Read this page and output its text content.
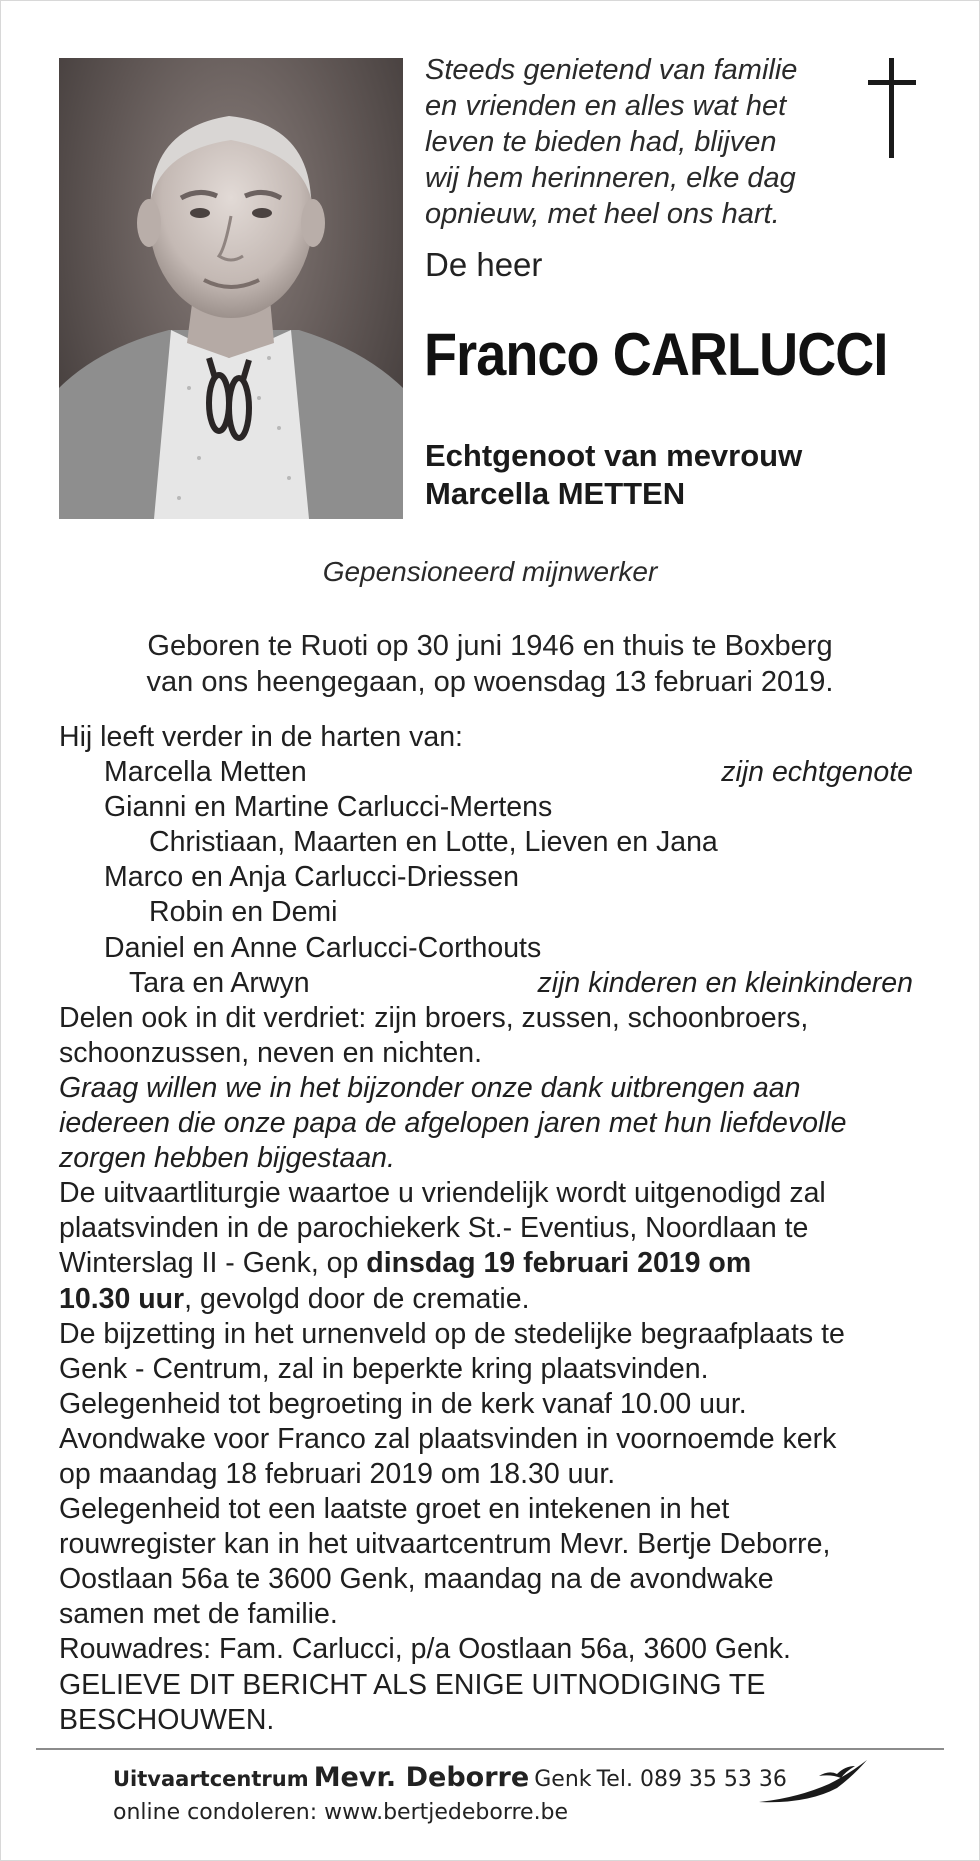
Steeds genietend van familie
en vrienden en alles wat het
leven te bieden had, blijven
wij hem herinneren, elke dag
opnieuw, met heel ons hart.
De heer
Franco CARLUCCI
Echtgenoot van mevrouw
Marcella METTEN
Gepensioneerd mijnwerker
Geboren te Ruoti op 30 juni 1946 en thuis te Boxberg
van ons heengegaan, op woensdag 13 februari 2019.
Hij leeft verder in de harten van:
Marcella Metten	zijn echtgenote
Gianni en Martine Carlucci-Mertens
Christiaan, Maarten en Lotte, Lieven en Jana
Marco en Anja Carlucci-Driessen
Robin en Demi
Daniel en Anne Carlucci-Corthouts
Tara en Arwyn	zijn kinderen en kleinkinderen
Delen ook in dit verdriet: zijn broers, zussen, schoonbroers,
schoonzussen, neven en nichten.
Graag willen we in het bijzonder onze dank uitbrengen aan
iedereen die onze papa de afgelopen jaren met hun liefdevolle
zorgen hebben bijgestaan.
De uitvaartliturgie waartoe u vriendelijk wordt uitgenodigd zal
plaatsvinden in de parochiekerk St.- Eventius, Noordlaan te
Winterslag II - Genk, op dinsdag 19 februari 2019 om
10.30 uur, gevolgd door de crematie.
De bijzetting in het urnenveld op de stedelijke begraafplaats te
Genk - Centrum, zal in beperkte kring plaatsvinden.
Gelegenheid tot begroeting in de kerk vanaf 10.00 uur.
Avondwake voor Franco zal plaatsvinden in voornoemde kerk
op maandag 18 februari 2019 om 18.30 uur.
Gelegenheid tot een laatste groet en intekenen in het
rouwregister kan in het uitvaartcentrum Mevr. Bertje Deborre,
Oostlaan 56a te 3600 Genk, maandag na de avondwake
samen met de familie.
Rouwadres: Fam. Carlucci, p/a Oostlaan 56a, 3600 Genk.
GELIEVE DIT BERICHT ALS ENIGE UITNODIGING TE
BESCHOUWEN.
Uitvaartcentrum Mevr. Deborre Genk Tel. 089 35 53 36
online condoleren: www.bertjedeborre.be
